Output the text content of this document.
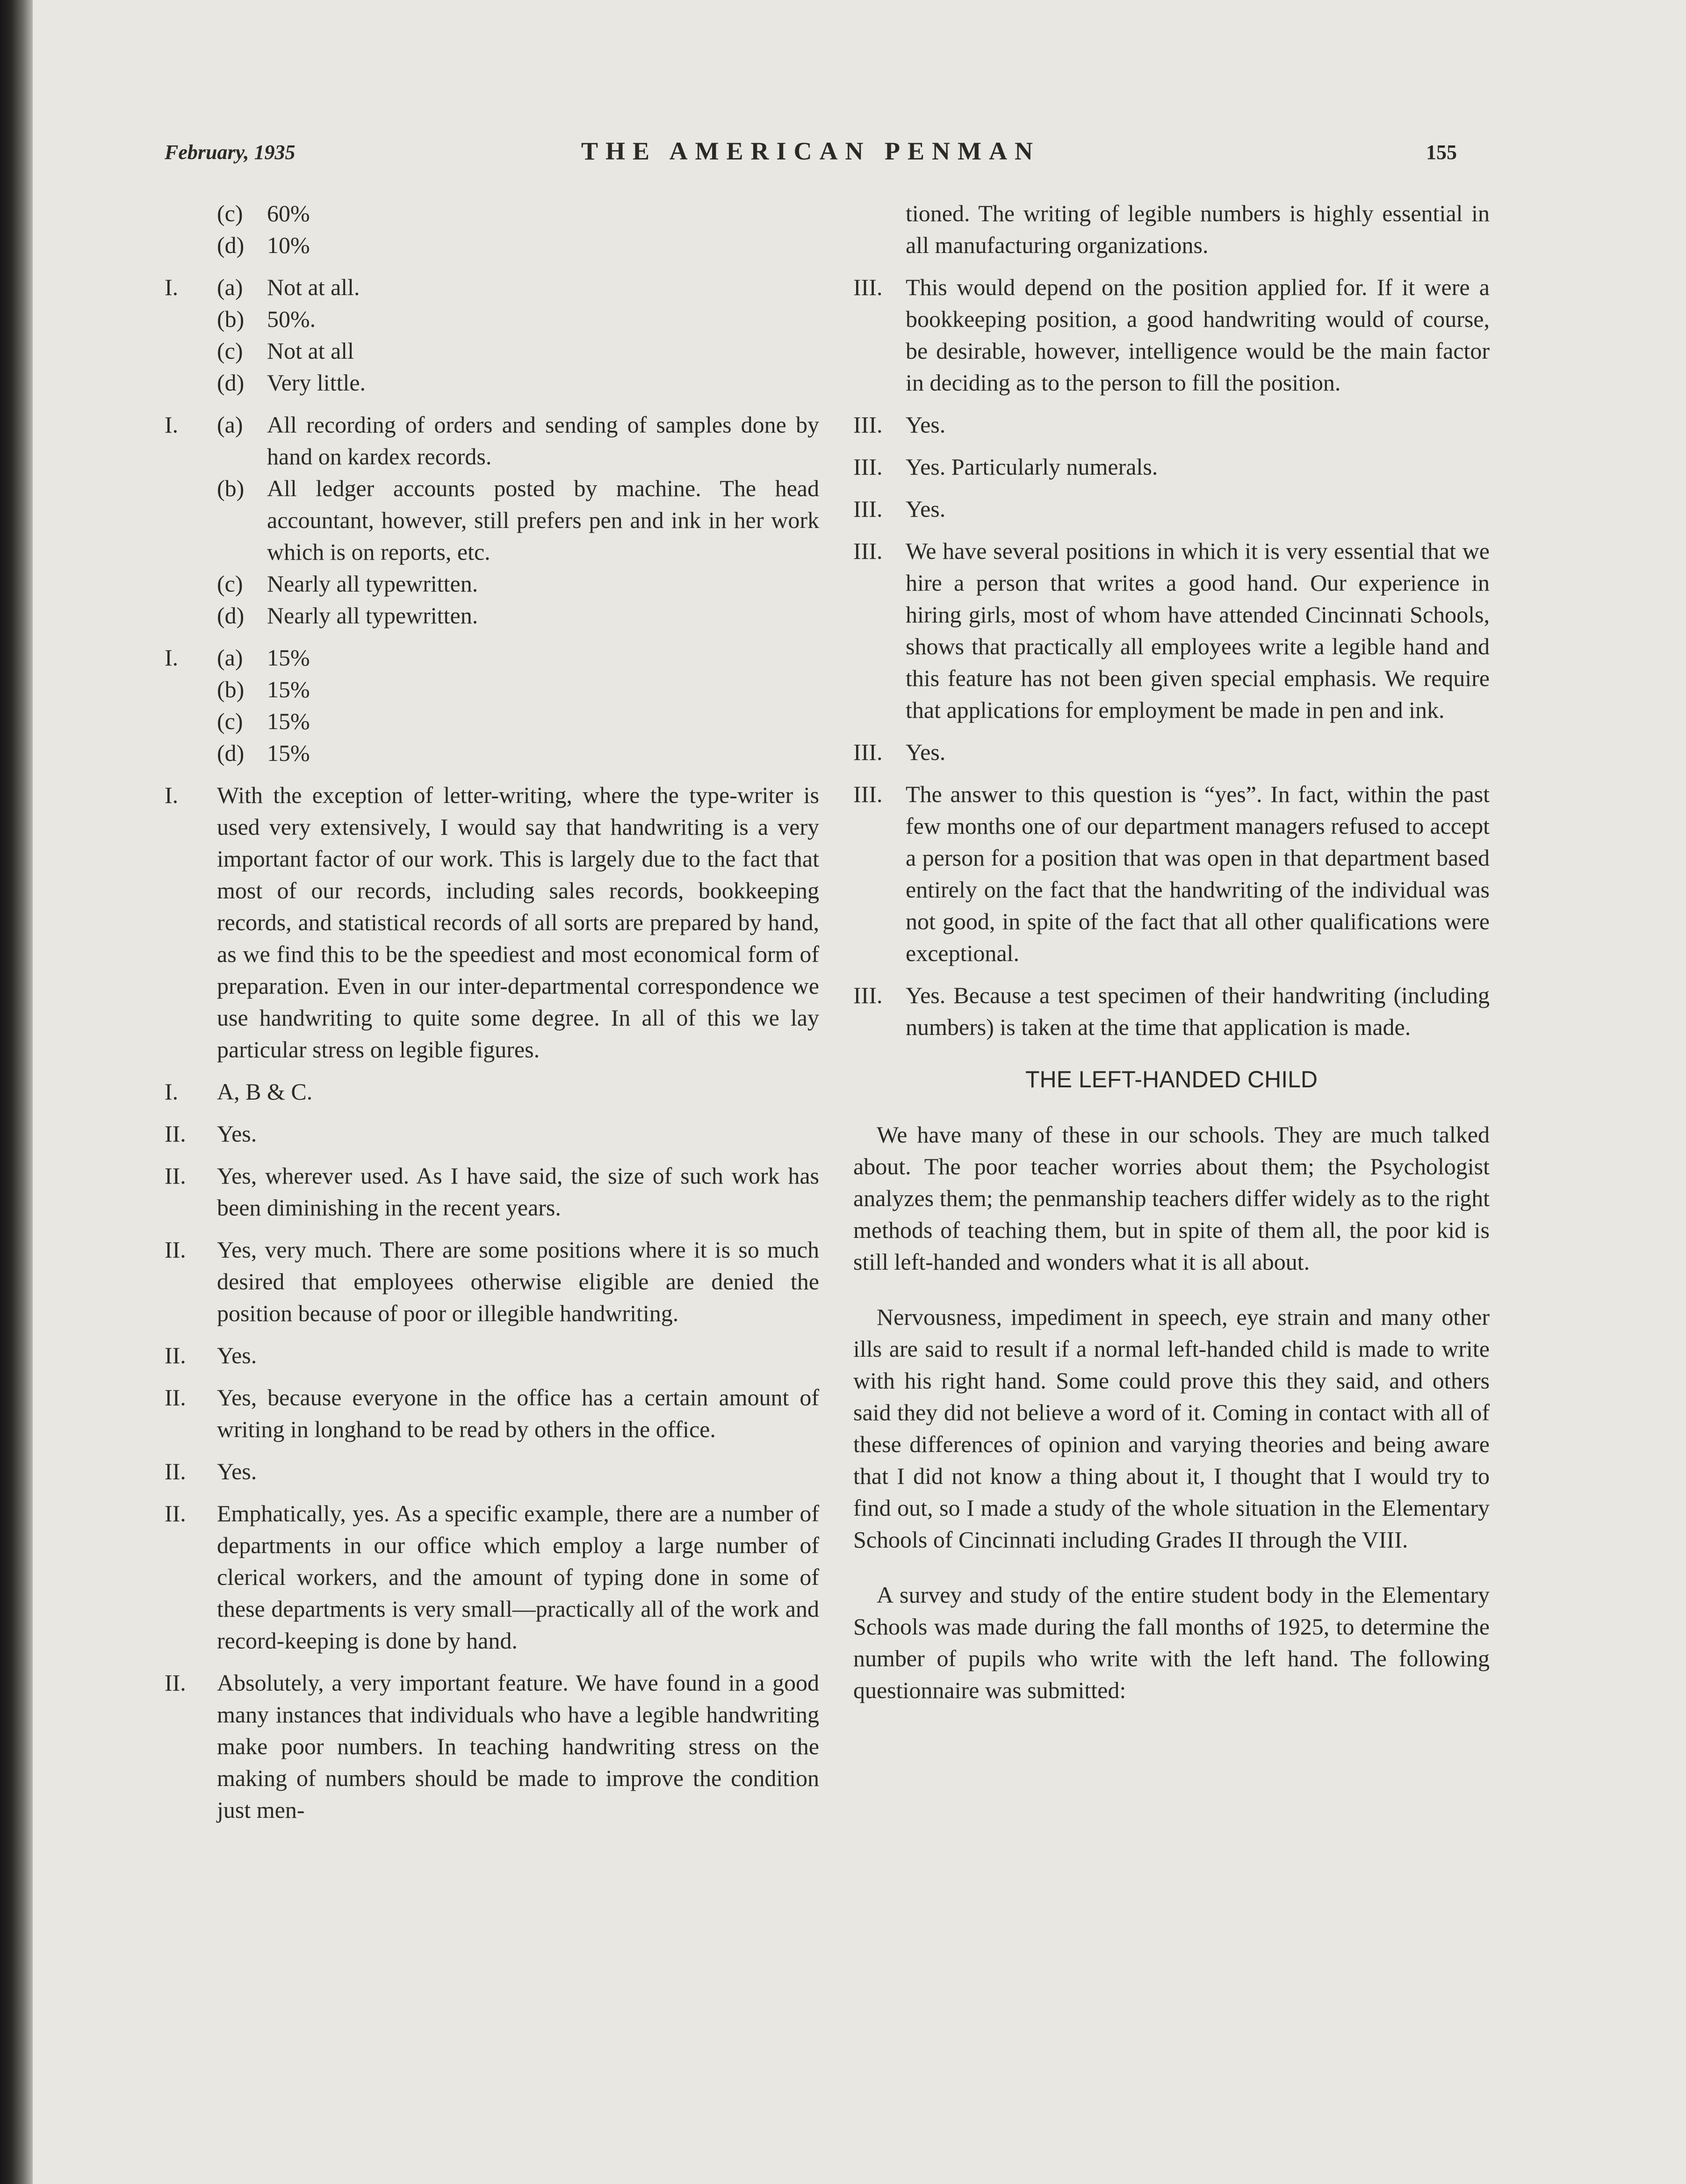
February, 1935	THE AMERICAN PENMAN	155
(c)	60%
(d) 10%
I.	(a)	Not at all.
(b) 50%.
(c)	Not at all
(d) Very little.
I.	(a)	All recording of orders and sending of samples done by hand on kardex records.
(b) All ledger accounts posted by machine. The head accountant, however, still prefers pen and ink in her work which is on reports, etc.
(c)	Nearly all typewritten.
(d) Nearly all typewritten.
I.	(a)	15%
(b) 15%
(c)	15%
(d) 15%
I.	With the exception of letter-writing, where the type-writer is used very extensively, I would say that handwriting is a very important factor of our work. This is largely due to the fact that most of our records, including sales records, bookkeeping records, and statistical records of all sorts are prepared by hand, as we find this to be the speediest and most economical form of preparation. Even in our inter-departmental correspondence we use handwriting to quite some degree. In all of this we lay particular stress on legible figures.
I.	A, B & C.
II.	Yes.
II.	Yes, wherever used. As I have said, the size of such work has been diminishing in the recent years.
II.	Yes, very much. There are some positions where it is so much desired that employees otherwise eligible are denied the position because of poor or illegible handwriting.
II.	Yes.
II.	Yes, because everyone in the office has a certain amount of writing in longhand to be read by others in the office.
II.	Yes.
II.	Emphatically, yes. As a specific example, there are a number of departments in our office which employ a large number of clerical workers, and the amount of typing done in some of these departments is very small—practically all of the work and record-keeping is done by hand.
II.	Absolutely, a very important feature. We have found in a good many instances that individuals who have a legible handwriting make poor numbers. In teaching handwriting stress on the making of numbers should be made to improve the condition just men-
tioned. The writing of legible numbers is highly essential in all manufacturing organizations.
III. This would depend on the position applied for. If it were a bookkeeping position, a good handwriting would of course, be desirable, however, intelligence would be the main factor in deciding as to the person to fill the position.
III. Yes.
III. Yes. Particularly numerals.
III. Yes.
III. We have several positions in which it is very essential that we hire a person that writes a good hand. Our experience in hiring girls, most of whom have attended Cincinnati Schools, shows that practically all employees write a legible hand and this feature has not been given special emphasis. We require that applications for employment be made in pen and ink.
III. Yes.
III. The answer to this question is “yes”. In fact, within the past few months one of our department managers refused to accept a person for a position that was open in that department based entirely on the fact that the handwriting of the individual was not good, in spite of the fact that all other qualifications were exceptional.
III. Yes. Because a test specimen of their handwriting (including numbers) is taken at the time that application is made.
THE LEFT-HANDED CHILD

We have many of these in our schools. They are much talked about. The poor teacher worries about them; the Psychologist analyzes them; the penmanship teachers differ widely as to the right methods of teaching them, but in spite of them all, the poor kid is still left-handed and wonders what it is all about.

Nervousness, impediment in speech, eye strain and many other ills are said to result if a normal left-handed child is made to write with his right hand. Some could prove this they said, and others said they did not believe a word of it. Coming in contact with all of these differences of opinion and varying theories and being aware that I did not know a thing about it, I thought that I would try to find out, so I made a study of the whole situation in the Elementary Schools of Cincinnati including Grades II through the VIII.

A survey and study of the entire student body in the Elementary Schools was made during the fall months of 1925, to determine the number of pupils who write with the left hand. The following questionnaire was submitted:
